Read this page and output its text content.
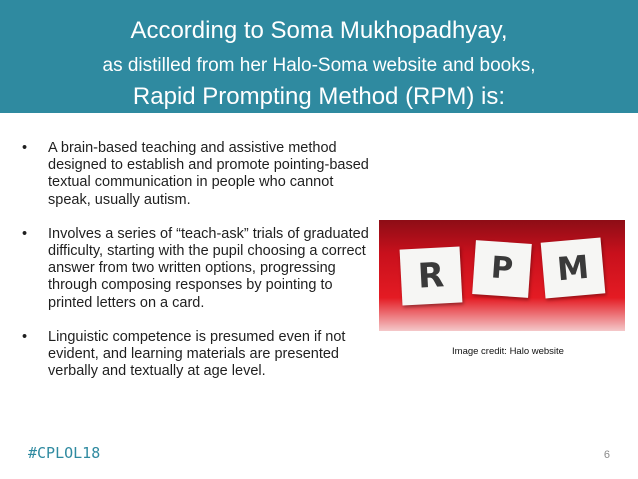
According to Soma Mukhopadhyay,
as distilled from her Halo-Soma website and books,
Rapid Prompting Method (RPM) is:
• A brain-based teaching and assistive method designed to establish and promote pointing-based textual communication in people who cannot speak, usually autism.
• Involves a series of “teach-ask” trials of graduated difficulty, starting with the pupil choosing a correct answer from two written options, progressing through composing responses by pointing to printed letters on a card.
• Linguistic competence is presumed even if not evident, and learning materials are presented verbally and textually at age level.
R	P	M
Image credit: Halo website
#CPLOL18	6
